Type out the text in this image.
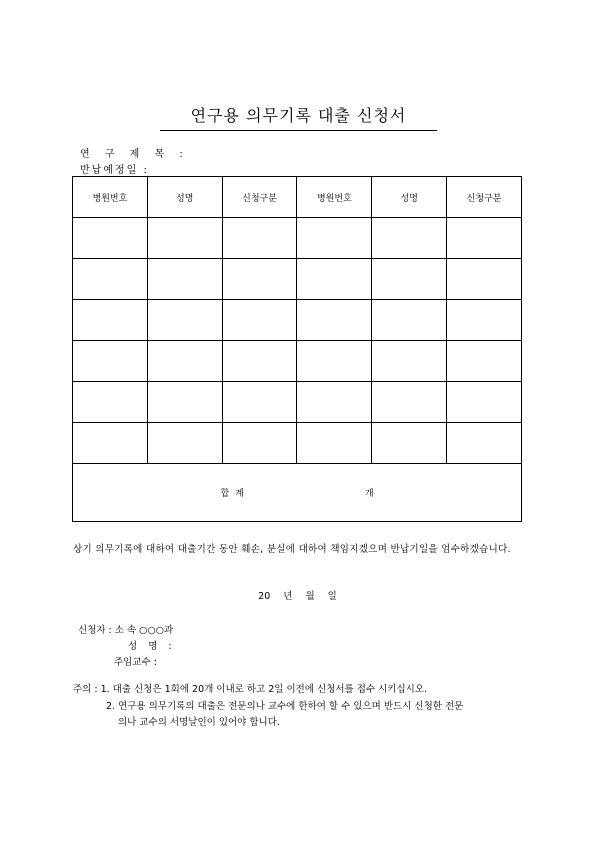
연구용 의무기록 대출 신청서
연 구 제 목 :
반납예정일 :
병원번호	성명	신청구분	병원번호	성명	신청구분

합계 개					
상기 의무기록에 대하여 대출기간 동안 훼손, 분실에 대하여 책임지겠으며 반납기일을 엄수하겠습니다.
20 년 월 일
신청자 : 소 속 ○○○과
성 명 :
주임교수 :
주의 : 1. 대출 신청은 1회에 20개 이내로 하고 2일 이전에 신청서를 접수 시키십시오.
2. 연구용 의무기록의 대출은 전문의나 교수에 한하여 할 수 있으며 반드시 신청한 전문
의나 교수의 서명날인이 있어야 합니다.
